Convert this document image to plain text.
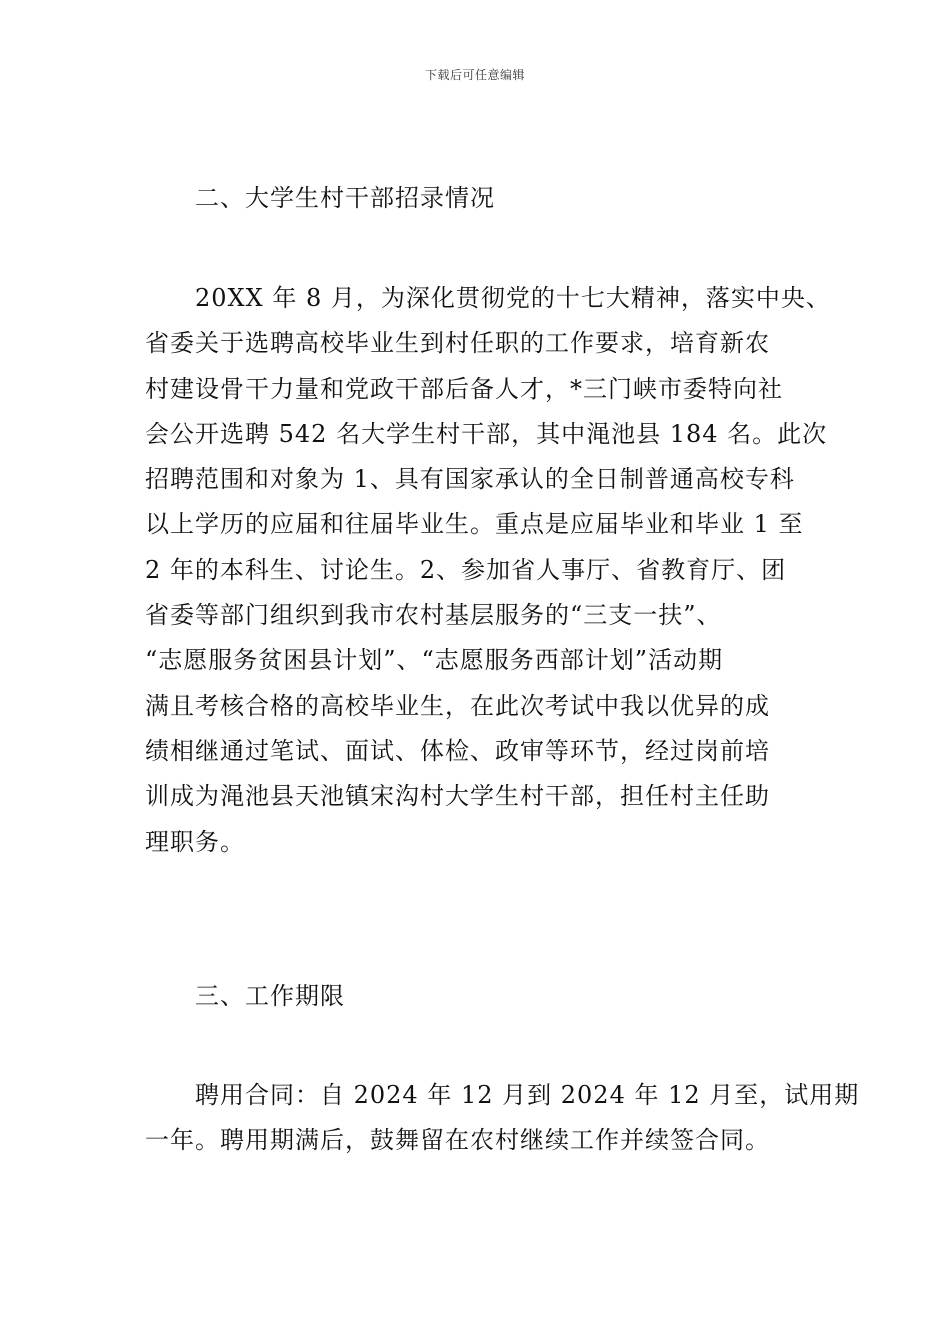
下载后可任意编辑
二、大学生村干部招录情况
20XX 年 8 月，为深化贯彻党的十七大精神，落实中央、
省委关于选聘高校毕业生到村任职的工作要求，培育新农
村建设骨干力量和党政干部后备人才，*三门峡市委特向社
会公开选聘 542 名大学生村干部，其中渑池县 184 名。此次
招聘范围和对象为 1、具有国家承认的全日制普通高校专科
以上学历的应届和往届毕业生。重点是应届毕业和毕业 1 至
2 年的本科生、讨论生。2、参加省人事厅、省教育厅、团
省委等部门组织到我市农村基层服务的“三支一扶”、
“志愿服务贫困县计划”、“志愿服务西部计划”活动期
满且考核合格的高校毕业生，在此次考试中我以优异的成
绩相继通过笔试、面试、体检、政审等环节，经过岗前培
训成为渑池县天池镇宋沟村大学生村干部，担任村主任助
理职务。
三、工作期限
聘用合同：自 2024 年 12 月到 2024 年 12 月至，试用期
一年。聘用期满后，鼓舞留在农村继续工作并续签合同。
